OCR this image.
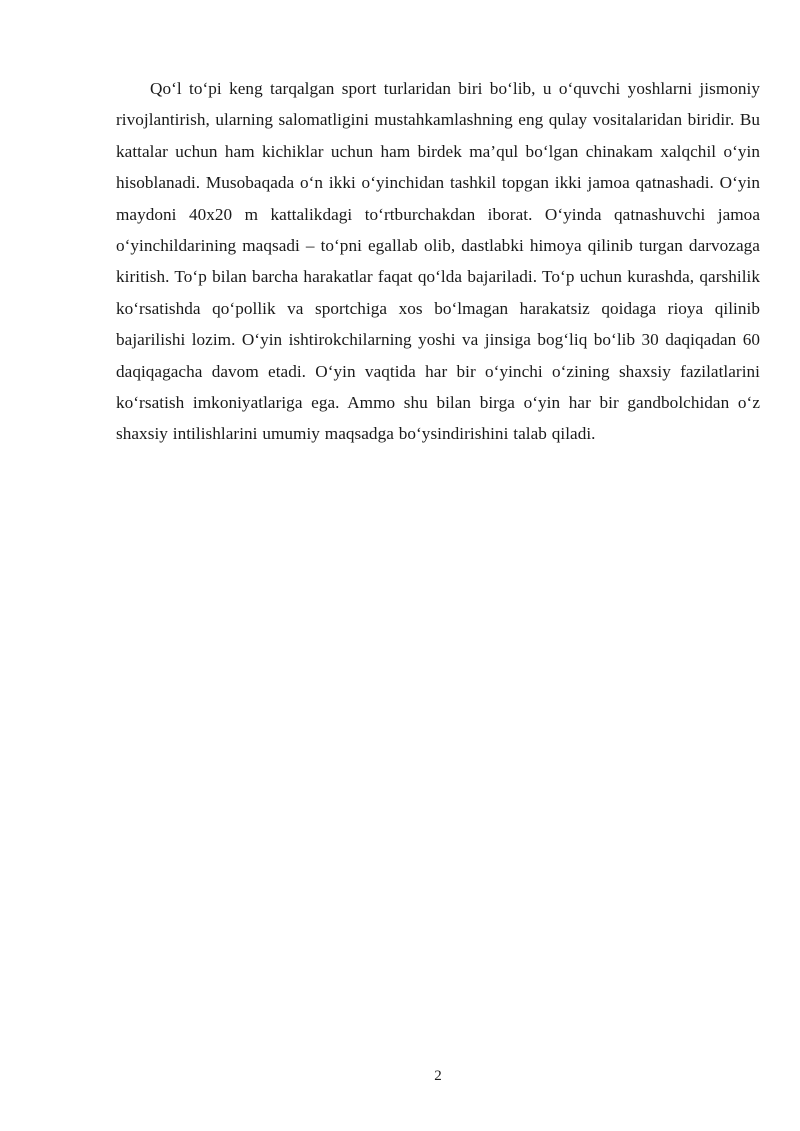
Qo‘l to‘pi keng tarqalgan sport turlaridan biri bo‘lib, u o‘quvchi yoshlarni jismoniy rivojlantirish, ularning salomatligini mustahkamlashning eng qulay vositalaridan biridir. Bu kattalar uchun ham kichiklar uchun ham birdek ma’qul bo‘lgan chinakam xalqchil o‘yin hisoblanadi. Musobaqada o‘n ikki o‘yinchidan tashkil topgan ikki jamoa qatnashadi. O‘yin maydoni 40x20 m kattalikdagi to‘rtburchakdan iborat. O‘yinda qatnashuvchi jamoa o‘yinchildarining maqsadi – to‘pni egallab olib, dastlabki himoya qilinib turgan darvozaga kiritish. To‘p bilan barcha harakatlar faqat qo‘lda bajariladi. To‘p uchun kurashda, qarshilik ko‘rsatishda qo‘pollik va sportchiga xos bo‘lmagan harakatsiz qoidaga rioya qilinib bajarilishi lozim. O‘yin ishtirokchilarning yoshi va jinsiga bog‘liq bo‘lib 30 daqiqadan 60 daqiqagacha davom etadi. O‘yin vaqtida har bir o‘yinchi o‘zining shaxsiy fazilatlarini ko‘rsatish imkoniyatlariga ega. Ammo shu bilan birga o‘yin har bir gandbolchidan o‘z shaxsiy intilishlarini umumiy maqsadga bo‘ysindirishini talab qiladi.

2
